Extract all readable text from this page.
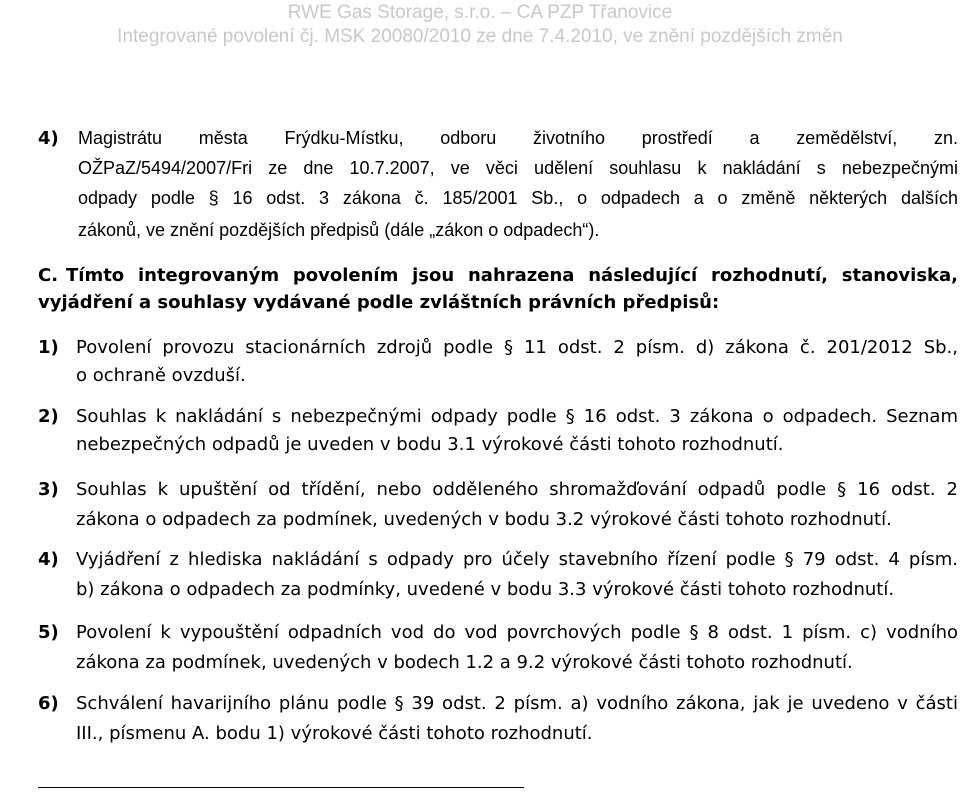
RWE Gas Storage, s.r.o. – CA PZP Třanovice
Integrované povolení čj. MSK 20080/2010 ze dne 7.4.2010, ve znění pozdějších změn
4) Magistrátu města Frýdku-Místku, odboru životního prostředí a zemědělství, zn.
OŽPaZ/5494/2007/Fri ze dne 10.7.2007, ve věci udělení souhlasu k nakládání s nebezpečnými
odpady podle § 16 odst. 3 zákona č. 185/2001 Sb., o odpadech a o změně některých dalších
zákonů, ve znění pozdějších předpisů (dále „zákon o odpadech“).
C. Tímto integrovaným povolením jsou nahrazena následující rozhodnutí, stanoviska,
vyjádření a souhlasy vydávané podle zvláštních právních předpisů:
1) Povolení provozu stacionárních zdrojů podle § 11 odst. 2 písm. d) zákona č. 201/2012 Sb.,
o ochraně ovzduší.
2) Souhlas k nakládání s nebezpečnými odpady podle § 16 odst. 3 zákona o odpadech. Seznam
nebezpečných odpadů je uveden v bodu 3.1 výrokové části tohoto rozhodnutí.
3) Souhlas k upuštění od třídění, nebo odděleného shromažďování odpadů podle § 16 odst. 2
zákona o odpadech za podmínek, uvedených v bodu 3.2 výrokové části tohoto rozhodnutí.
4) Vyjádření z hlediska nakládání s odpady pro účely stavebního řízení podle § 79 odst. 4 písm.
b) zákona o odpadech za podmínky, uvedené v bodu 3.3 výrokové části tohoto rozhodnutí.
5) Povolení k vypouštění odpadních vod do vod povrchových podle § 8 odst. 1 písm. c) vodního
zákona za podmínek, uvedených v bodech 1.2 a 9.2 výrokové části tohoto rozhodnutí.
6) Schválení havarijního plánu podle § 39 odst. 2 písm. a) vodního zákona, jak je uvedeno v části
III., písmenu A. bodu 1) výrokové části tohoto rozhodnutí.
